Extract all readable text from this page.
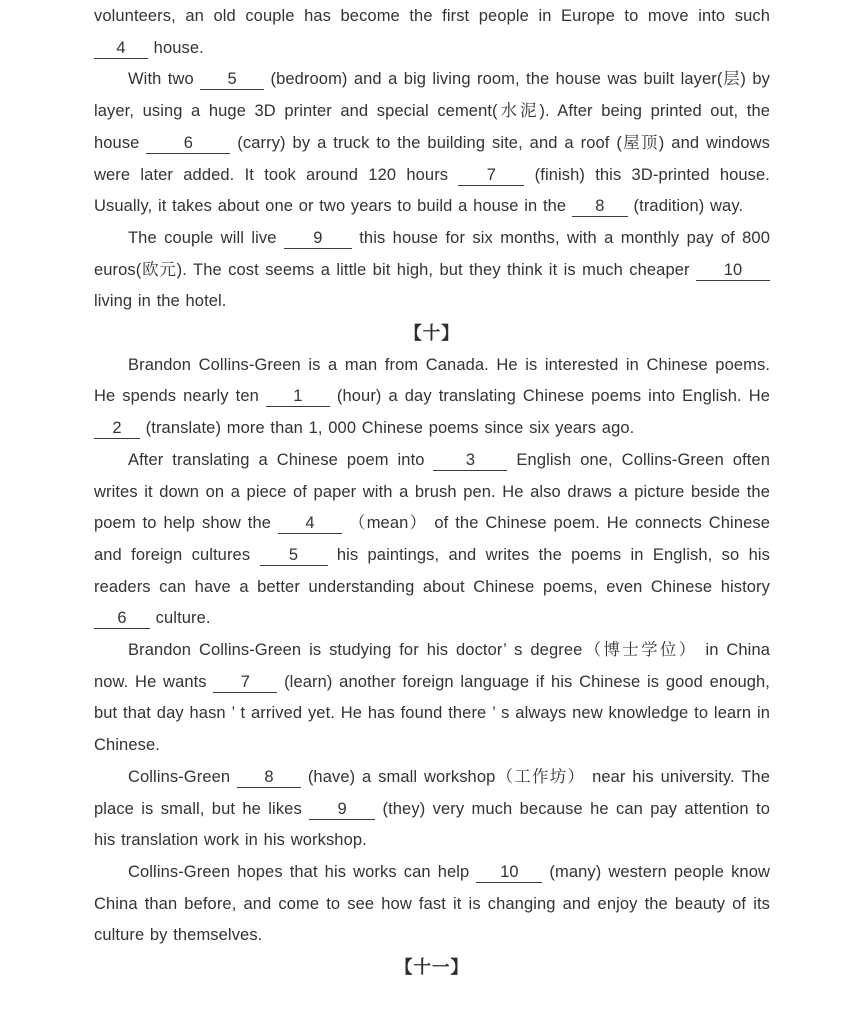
volunteers, an old couple has become the first people in Europe to move into such 4 house.

With two 5 (bedroom) and a big living room, the house was built layer(层) by layer, using a huge 3D printer and special cement(水泥). After being printed out, the house 6 (carry) by a truck to the building site, and a roof (屋顶) and windows were later added. It took around 120 hours 7 (finish) this 3D-printed house. Usually, it takes about one or two years to build a house in the 8 (tradition) way.

The couple will live 9 this house for six months, with a monthly pay of 800 euros(欧元). The cost seems a little bit high, but they think it is much cheaper 10living in the hotel.

【十】

Brandon Collins-Green is a man from Canada. He is interested in Chinese poems. He spends nearly ten 1 (hour) a day translating Chinese poems into English. He 2 (translate) more than 1, 000 Chinese poems since six years ago.

After translating a Chinese poem into 3 English one, Collins-Green often writes it down on a piece of paper with a brush pen. He also draws a picture beside the poem to help show the 4 （mean） of the Chinese poem. He connects Chinese and foreign cultures 5 his paintings, and writes the poems in English, so his readers can have a better understanding about Chinese poems, even Chinese history 6 culture.

Brandon Collins-Green is studying for his doctor’ s degree（博士学位） in China now. He wants 7 (learn) another foreign language if his Chinese is good enough, but that day hasn ’ t arrived yet. He has found there ’ s always new knowledge to learn in Chinese.

Collins-Green 8 (have) a small workshop（工作坊） near his university. The place is small, but he likes 9 (they) very much because he can pay attention to his translation work in his workshop.

Collins-Green hopes that his works can help 10 (many) western people know China than before, and come to see how fast it is changing and enjoy the beauty of its culture by themselves.

【十一】
